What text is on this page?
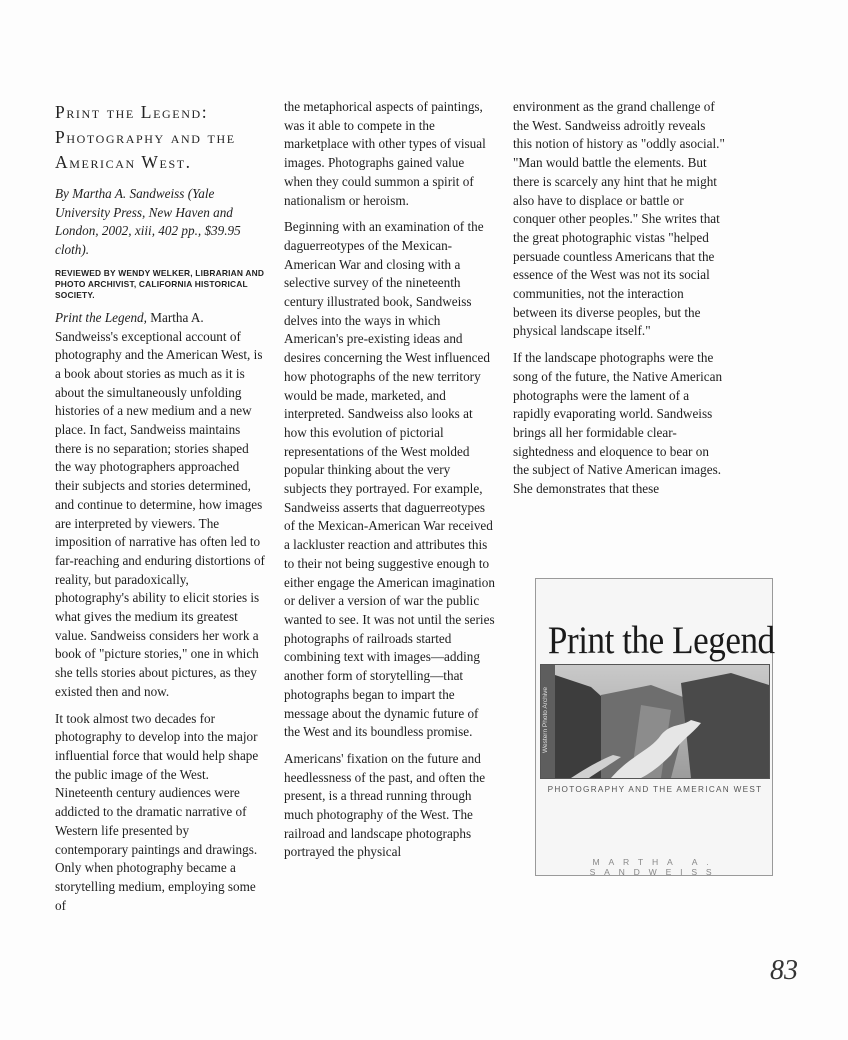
Print the Legend:
Photography and the
American West.

By Martha A. Sandweiss (Yale University Press, New Haven and London, 2002, xiii, 402 pp., $39.95 cloth).

REVIEWED BY WENDY WELKER, LIBRARIAN AND PHOTO ARCHIVIST, CALIFORNIA HISTORICAL SOCIETY.

Print the Legend, Martha A. Sandweiss's exceptional account of photography and the American West, is a book about stories as much as it is about the simultaneously unfolding histories of a new medium and a new place. In fact, Sandweiss maintains there is no separation; stories shaped the way photographers approached their subjects and stories determined, and continue to determine, how images are interpreted by viewers. The imposition of narrative has often led to far-reaching and enduring distortions of reality, but paradoxically, photography's ability to elicit stories is what gives the medium its greatest value. Sandweiss considers her work a book of "picture stories," one in which she tells stories about pictures, as they existed then and now.

It took almost two decades for photography to develop into the major influential force that would help shape the public image of the West. Nineteenth century audiences were addicted to the dramatic narrative of Western life presented by contemporary paintings and drawings. Only when photography became a storytelling medium, employing some of

the metaphorical aspects of paintings, was it able to compete in the marketplace with other types of visual images. Photographs gained value when they could summon a spirit of nationalism or heroism.

Beginning with an examination of the daguerreotypes of the Mexican-American War and closing with a selective survey of the nineteenth century illustrated book, Sandweiss delves into the ways in which American's pre-existing ideas and desires concerning the West influenced how photographs of the new territory would be made, marketed, and interpreted. Sandweiss also looks at how this evolution of pictorial representations of the West molded popular thinking about the very subjects they portrayed. For example, Sandweiss asserts that daguerreotypes of the Mexican-American War received a lackluster reaction and attributes this to their not being suggestive enough to either engage the American imagination or deliver a version of war the public wanted to see. It was not until the series photographs of railroads started combining text with images—adding another form of storytelling—that photographs began to impart the message about the dynamic future of the West and its boundless promise.

Americans' fixation on the future and heedlessness of the past, and often the present, is a thread running through much photography of the West. The railroad and landscape photographs portrayed the physical

environment as the grand challenge of the West. Sandweiss adroitly reveals this notion of history as "oddly asocial." "Man would battle the elements. But there is scarcely any hint that he might also have to displace or battle or conquer other peoples." She writes that the great photographic vistas "helped persuade countless Americans that the essence of the West was not its social communities, not the interaction between its diverse peoples, but the physical landscape itself."

If the landscape photographs were the song of the future, the Native American photographs were the lament of a rapidly evaporating world. Sandweiss brings all her formidable clear-sightedness and eloquence to bear on the subject of Native American images. She demonstrates that these

Print the Legend
Western Photo Archive
PHOTOGRAPHY AND THE AMERICAN WEST
MARTHA A. SANDWEISS
83
